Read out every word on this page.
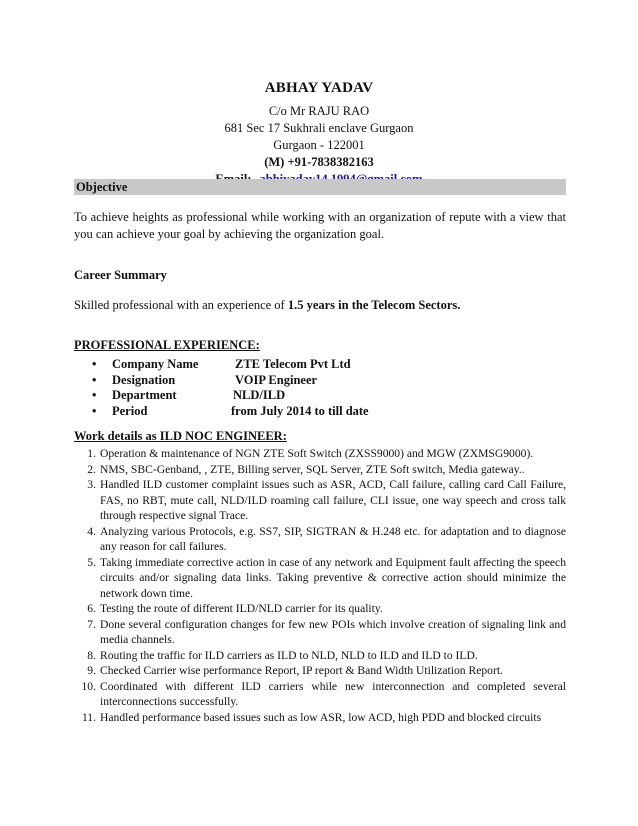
ABHAY YADAV
C/o Mr RAJU RAO
681 Sec 17 Sukhrali enclave Gurgaon
Gurgaon - 122001
(M) +91-7838382163
Objective
To achieve heights as professional while working with an organization of repute with a view that you can achieve your goal by achieving the organization goal.
Career Summary
Skilled professional with an experience of 1.5 years in the Telecom Sectors.
PROFESSIONAL EXPERIENCE:
• Company Name	ZTE Telecom Pvt Ltd
• Designation	VOIP Engineer
• Department	NLD/ILD
• Period	from July 2014 to till date
Work details as ILD NOC ENGINEER:
1. Operation & maintenance of NGN ZTE Soft Switch (ZXSS9000) and MGW (ZXMSG9000).
2. NMS, SBC-Genband, , ZTE, Billing server, SQL Server, ZTE Soft switch, Media gateway..
3. Handled ILD customer complaint issues such as ASR, ACD, Call failure, calling card Call Failure, FAS, no RBT, mute call, NLD/ILD roaming call failure, CLI issue, one way speech and cross talk through respective signal Trace.
4. Analyzing various Protocols, e.g. SS7, SIP, SIGTRAN & H.248 etc. for adaptation and to diagnose any reason for call failures.
5. Taking immediate corrective action in case of any network and Equipment fault affecting the speech circuits and/or signaling data links. Taking preventive & corrective action should minimize the network down time.
6. Testing the route of different ILD/NLD carrier for its quality.
7. Done several configuration changes for few new POIs which involve creation of signaling link and media channels.
8. Routing the traffic for ILD carriers as ILD to NLD, NLD to ILD and ILD to ILD.
9. Checked Carrier wise performance Report, IP report & Band Width Utilization Report.
10. Coordinated with different ILD carriers while new interconnection and completed several interconnections successfully.
11. Handled performance based issues such as low ASR, low ACD, high PDD and blocked circuits
